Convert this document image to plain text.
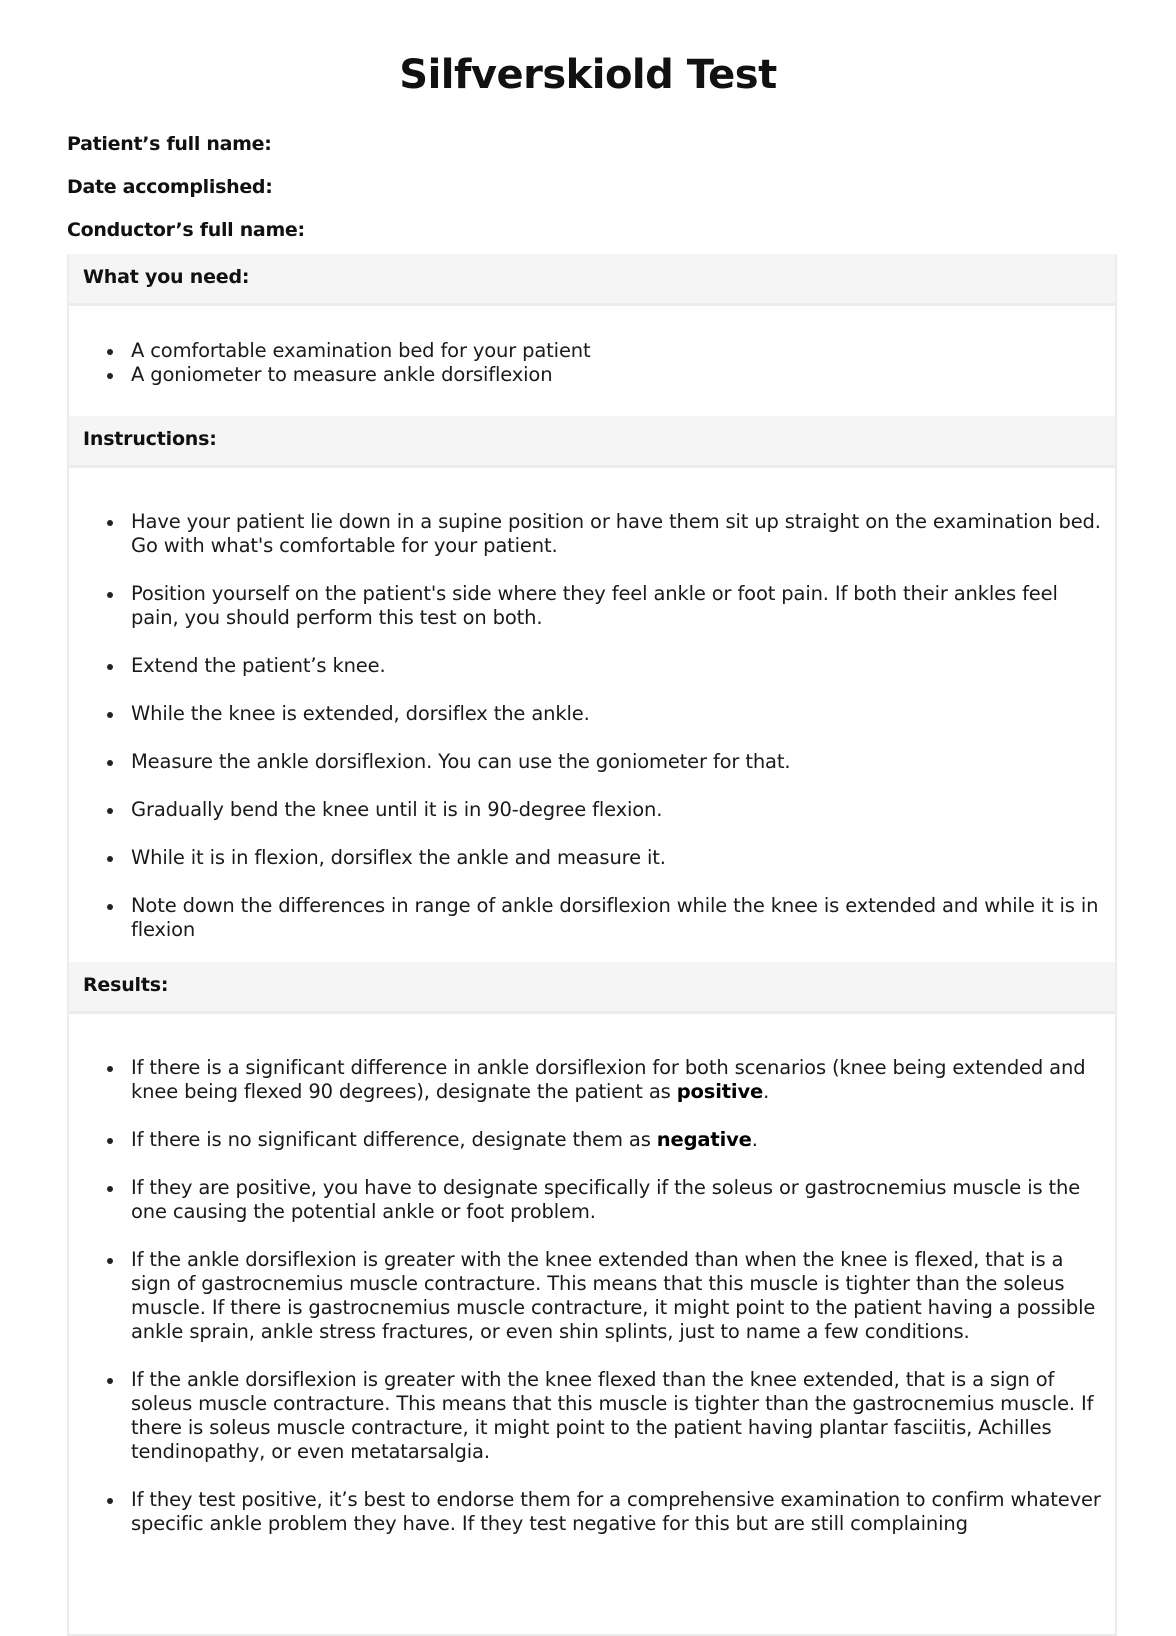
Silfverskiold Test
Patient’s full name:
Date accomplished:
Conductor’s full name:
What you need:
A comfortable examination bed for your patient
A goniometer to measure ankle dorsiflexion
Instructions:
Have your patient lie down in a supine position or have them sit up straight on the examination bed. Go with what's comfortable for your patient.
Position yourself on the patient's side where they feel ankle or foot pain. If both their ankles feel pain, you should perform this test on both.
Extend the patient’s knee.
While the knee is extended, dorsiflex the ankle.
Measure the ankle dorsiflexion. You can use the goniometer for that.
Gradually bend the knee until it is in 90-degree flexion.
While it is in flexion, dorsiflex the ankle and measure it.
Note down the differences in range of ankle dorsiflexion while the knee is extended and while it is in flexion
Results:
If there is a significant difference in ankle dorsiflexion for both scenarios (knee being extended and knee being flexed 90 degrees), designate the patient as positive.
If there is no significant difference, designate them as negative.
If they are positive, you have to designate specifically if the soleus or gastrocnemius muscle is the one causing the potential ankle or foot problem.
If the ankle dorsiflexion is greater with the knee extended than when the knee is flexed, that is a sign of gastrocnemius muscle contracture. This means that this muscle is tighter than the soleus muscle. If there is gastrocnemius muscle contracture, it might point to the patient having a possible ankle sprain, ankle stress fractures, or even shin splints, just to name a few conditions.
If the ankle dorsiflexion is greater with the knee flexed than the knee extended, that is a sign of soleus muscle contracture. This means that this muscle is tighter than the gastrocnemius muscle. If there is soleus muscle contracture, it might point to the patient having plantar fasciitis, Achilles tendinopathy, or even metatarsalgia.
If they test positive, it’s best to endorse them for a comprehensive examination to confirm whatever specific ankle problem they have. If they test negative for this but are still complaining
